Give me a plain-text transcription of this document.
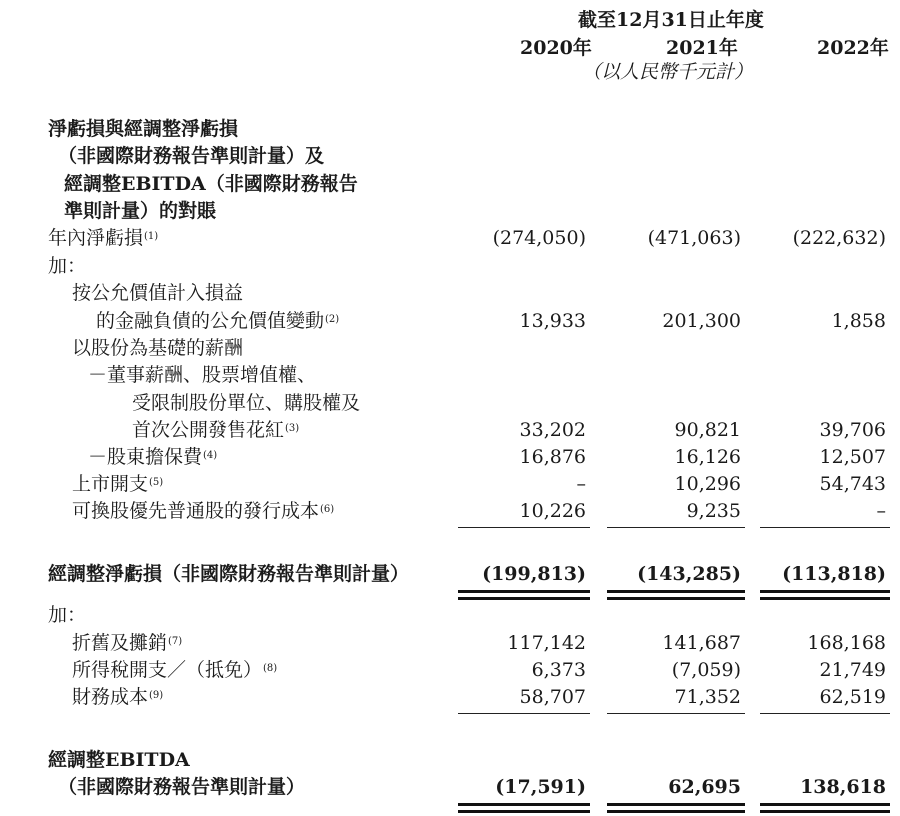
截至12月31日止年度
2020年	2021年	2022年
（以人民幣千元計）
淨虧損與經調整淨虧損
（非國際財務報告準則計量）及
經調整EBITDA（非國際財務報告
準則計量）的對賬
年內淨虧損$^{(1)}$	(274,050)	(471,063)	(222,632)
加：
按公允價值計入損益
的金融負債的公允價值變動$^{(2)}$	13,933	201,300	1,858
以股份為基礎的薪酬
－董事薪酬、股票增值權、
受限制股份單位、購股權及
首次公開發售花紅$^{(3)}$	33,202	90,821	39,706
－股東擔保費$^{(4)}$	16,876	16,126	12,507
上市開支$^{(5)}$	–	10,296	54,743
可換股優先普通股的發行成本$^{(6)}$	10,226	9,235	–
經調整淨虧損（非國際財務報告準則計量）	(199,813)	(143,285) (113,818)
加：
折舊及攤銷$^{(7)}$	117,142	141,687	168,168
所得稅開支／（抵免）$^{(8)}$	6,373	(7,059)	21,749
財務成本$^{(9)}$	58,707	71,352	62,519
經調整EBITDA
（非國際財務報告準則計量）	(17,591)	62,695	138,618
